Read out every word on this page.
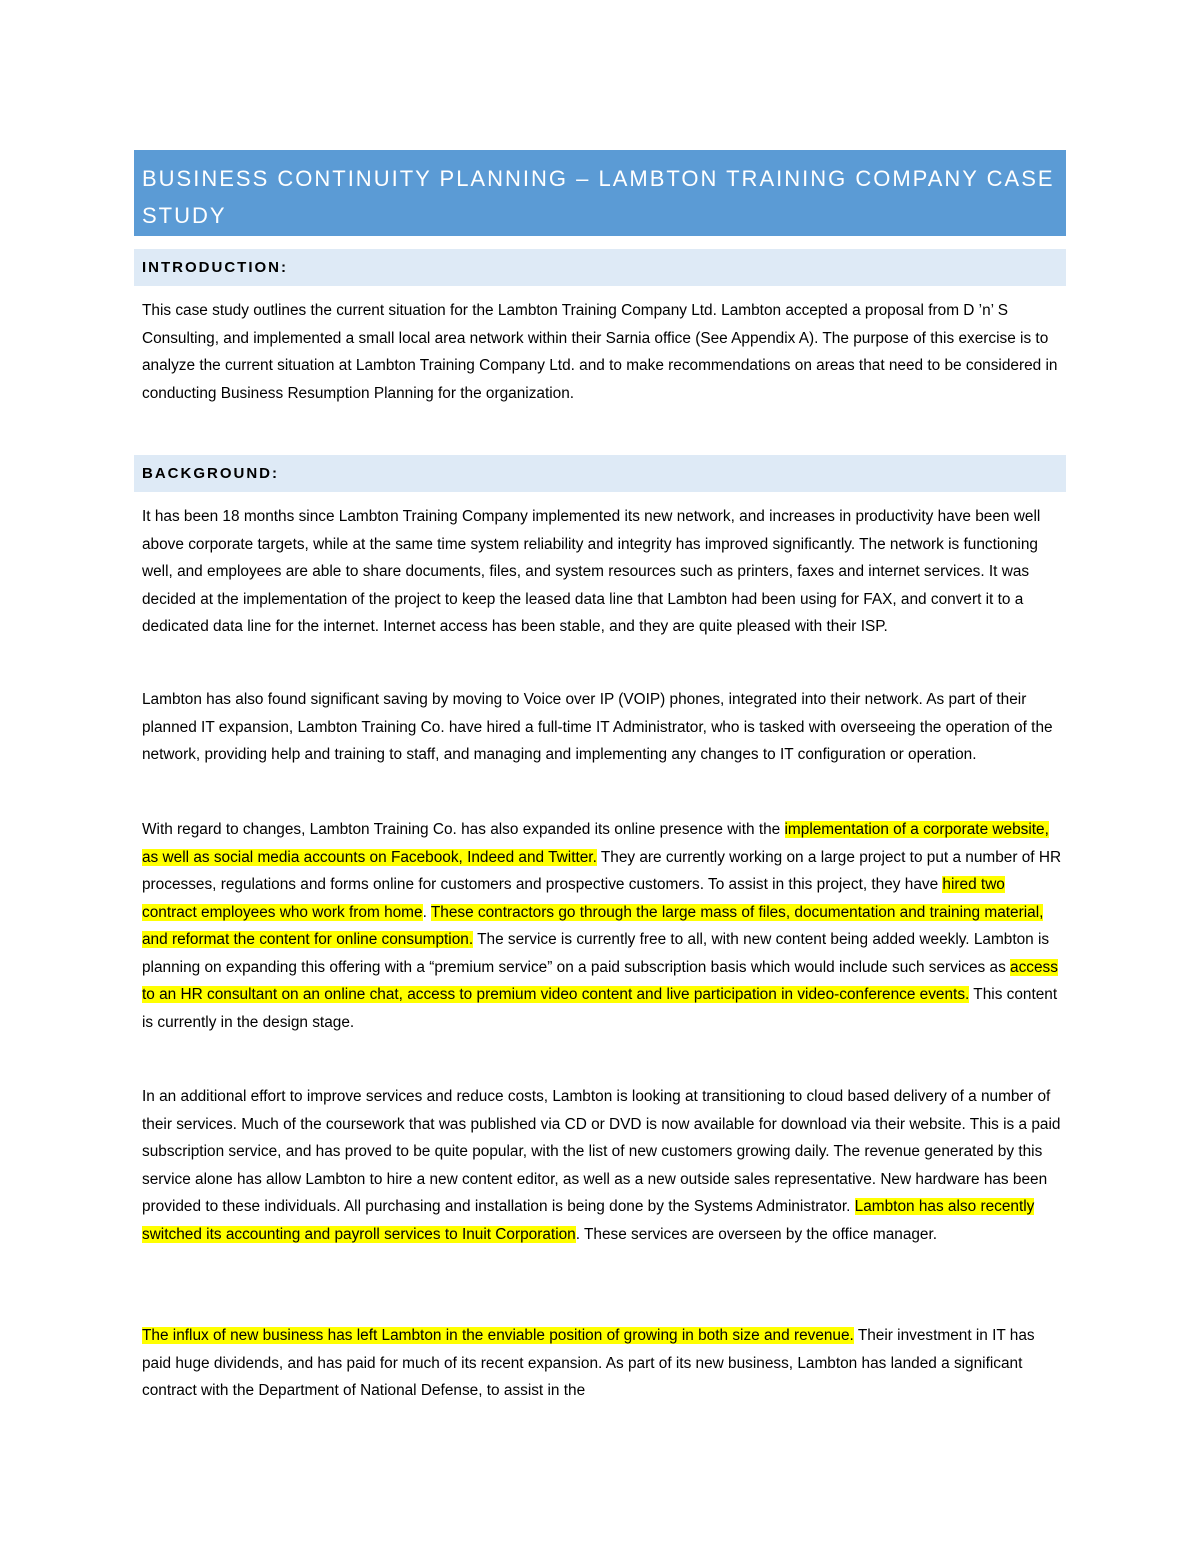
BUSINESS CONTINUITY PLANNING – LAMBTON TRAINING COMPANY CASE STUDY
INTRODUCTION:

This case study outlines the current situation for the Lambton Training Company Ltd. Lambton accepted a proposal from D ’n’ S Consulting, and implemented a small local area network within their Sarnia office (See Appendix A). The purpose of this exercise is to analyze the current situation at Lambton Training Company Ltd. and to make recommendations on areas that need to be considered in conducting Business Resumption Planning for the organization.

BACKGROUND:

It has been 18 months since Lambton Training Company implemented its new network, and increases in productivity have been well above corporate targets, while at the same time system reliability and integrity has improved significantly. The network is functioning well, and employees are able to share documents, files, and system resources such as printers, faxes and internet services. It was decided at the implementation of the project to keep the leased data line that Lambton had been using for FAX, and convert it to a dedicated data line for the internet. Internet access has been stable, and they are quite pleased with their ISP.

Lambton has also found significant saving by moving to Voice over IP (VOIP) phones, integrated into their network. As part of their planned IT expansion, Lambton Training Co. have hired a full-time IT Administrator, who is tasked with overseeing the operation of the network, providing help and training to staff, and managing and implementing any changes to IT configuration or operation.

With regard to changes, Lambton Training Co. has also expanded its online presence with the implementation of a corporate website, as well as social media accounts on Facebook, Indeed and Twitter. They are currently working on a large project to put a number of HR processes, regulations and forms online for customers and prospective customers. To assist in this project, they have hired two contract employees who work from home. These contractors go through the large mass of files, documentation and training material, and reformat the content for online consumption. The service is currently free to all, with new content being added weekly. Lambton is planning on expanding this offering with a “premium service” on a paid subscription basis which would include such services as access to an HR consultant on an online chat, access to premium video content and live participation in video-conference events. This content is currently in the design stage.

In an additional effort to improve services and reduce costs, Lambton is looking at transitioning to cloud based delivery of a number of their services. Much of the coursework that was published via CD or DVD is now available for download via their website. This is a paid subscription service, and has proved to be quite popular, with the list of new customers growing daily. The revenue generated by this service alone has allow Lambton to hire a new content editor, as well as a new outside sales representative. New hardware has been provided to these individuals. All purchasing and installation is being done by the Systems Administrator. Lambton has also recently switched its accounting and payroll services to Inuit Corporation. These services are overseen by the office manager.

The influx of new business has left Lambton in the enviable position of growing in both size and revenue. Their investment in IT has paid huge dividends, and has paid for much of its recent expansion. As part of its new business, Lambton has landed a significant contract with the Department of National Defense, to assist in the
